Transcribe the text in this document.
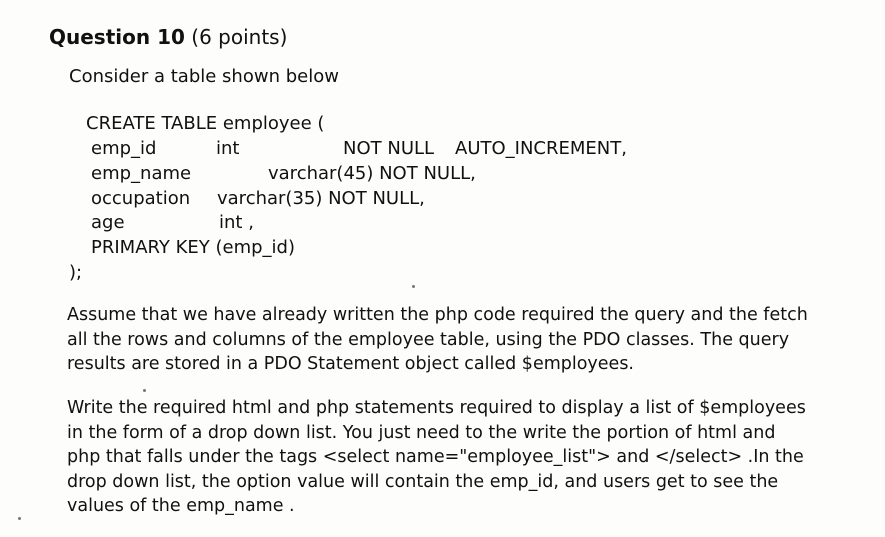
Question 10 (6 points)
Consider a table shown below
CREATE TABLE employee (
emp_id	int	NOT NULL AUTO_INCREMENT,
emp_name	varchar(45) NOT NULL,
occupation varchar(35) NOT NULL,
age	int ,
PRIMARY KEY (emp_id)
);
Assume that we have already written the php code required the query and the fetch
all the rows and columns of the employee table, using the PDO classes. The query
results are stored in a PDO Statement object called $employees.
Write the required html and php statements required to display a list of $employees
in the form of a drop down list. You just need to the write the portion of html and
php that falls under the tags <select name="employee_list"> and </select> .In the
drop down list, the option value will contain the emp_id, and users get to see the
values of the emp_name .
